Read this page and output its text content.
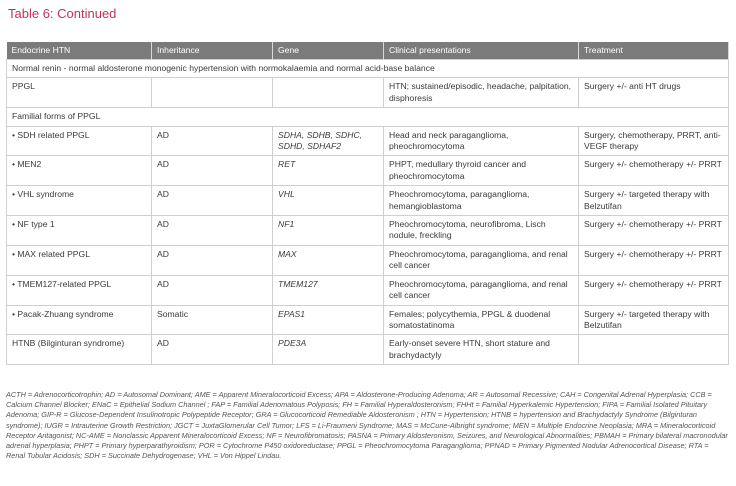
Table 6: Continued
Endocrine HTN	Inheritance	Gene	Clinical presentations	Treatment
Normal renin - normal aldosterone monogenic hypertension with normokalaemia and normal acid-base balance				
PPGL			HTN; sustained/episodic, headache, palpitation, disphoresis	Surgery +/- anti HT drugs
Familial forms of PPGL				
• SDH related PPGL	AD	SDHA, SDHB, SDHC, SDHD, SDHAF2	Head and neck paraganglioma, pheochromocytoma	Surgery, chemotherapy, PRRT, anti-VEGF therapy
• MEN2	AD	RET	PHPT, medullary thyroid cancer and pheochromocytoma	Surgery +/- chemotherapy +/- PRRT
• VHL syndrome	AD	VHL	Pheochromocytoma, paraganglioma, hemangioblastoma	Surgery +/- targeted therapy with Belzutifan
• NF type 1	AD	NF1	Pheochromocytoma, neurofibroma, Lisch nodule, freckling	Surgery +/- chemotherapy +/- PRRT
• MAX related PPGL	AD	MAX	Pheochromocytoma, paraganglioma, and renal cell cancer	Surgery +/- chemotherapy +/- PRRT
• TMEM127-related PPGL	AD	TMEM127	Pheochromocytoma, paraganglioma, and renal cell cancer	Surgery +/- chemotherapy +/- PRRT
• Pacak-Zhuang syndrome	Somatic	EPAS1	Females; polycythemia, PPGL & duodenal somatostatinoma	Surgery +/- targeted therapy with Belzutifan
HTNB (Bilginturan syndrome)	AD	PDE3A	Early-onset severe HTN, short stature and brachydactyly	
ACTH = Adrenocorticotrophin; AD = Autosomal Dominant; AME = Apparent Mineralocorticoid Excess; APA = Aldosterone-Producing Adenoma; AR = Autosomal Recessive; CAH = Congenital Adrenal Hyperplasia; CCB = Calcium Channel Blocker; ENaC = Epithelial Sodium Channel ; FAP = Familial Adenomatous Polyposis; FH = Familial Hyperaldosteronism; FHHt = Familial Hyperkalemic Hypertension; FIPA = Familial Isolated Pituitary Adenoma; GIP-R = Glucose-Dependent Insulinotropic Polypeptide Receptor; GRA = Glucocorticoid Remediable Aldosteronism ; HTN = Hypertension; HTNB = hypertension and Brachydactyly Syndrome (Bilginturan syndrome); IUGR = Intrauterine Growth Restriction; JGCT = JuxtaGlomerular Cell Tumor; LFS = Li-Fraumeni Syndrome; MAS = McCune-Albright syndrome; MEN = Multiple Endocrine Neoplasia; MRA = Mineralocorticoid Receptor Antagonist; NC-AME = Nonclassic Apparent Mineralocorticoid Excess; NF = Neurofibromatosis; PASNA = Primary Aldosteronism, Seizures, and Neurological Abnormalities; PBMAH = Primary bilateral macronodular adrenal hyperplasia; PHPT = Primary hyperparathyroidism; POR = Cytochrome P450 oxidoreductase; PPGL = Pheochromocytoma Paraganglioma; PPNAD = Primary Pigmented Nodular Adrenocortical Disease; RTA = Renal Tubular Acidosis; SDH = Succinate Dehydrogenase; VHL = Von Hippel Lindau.
